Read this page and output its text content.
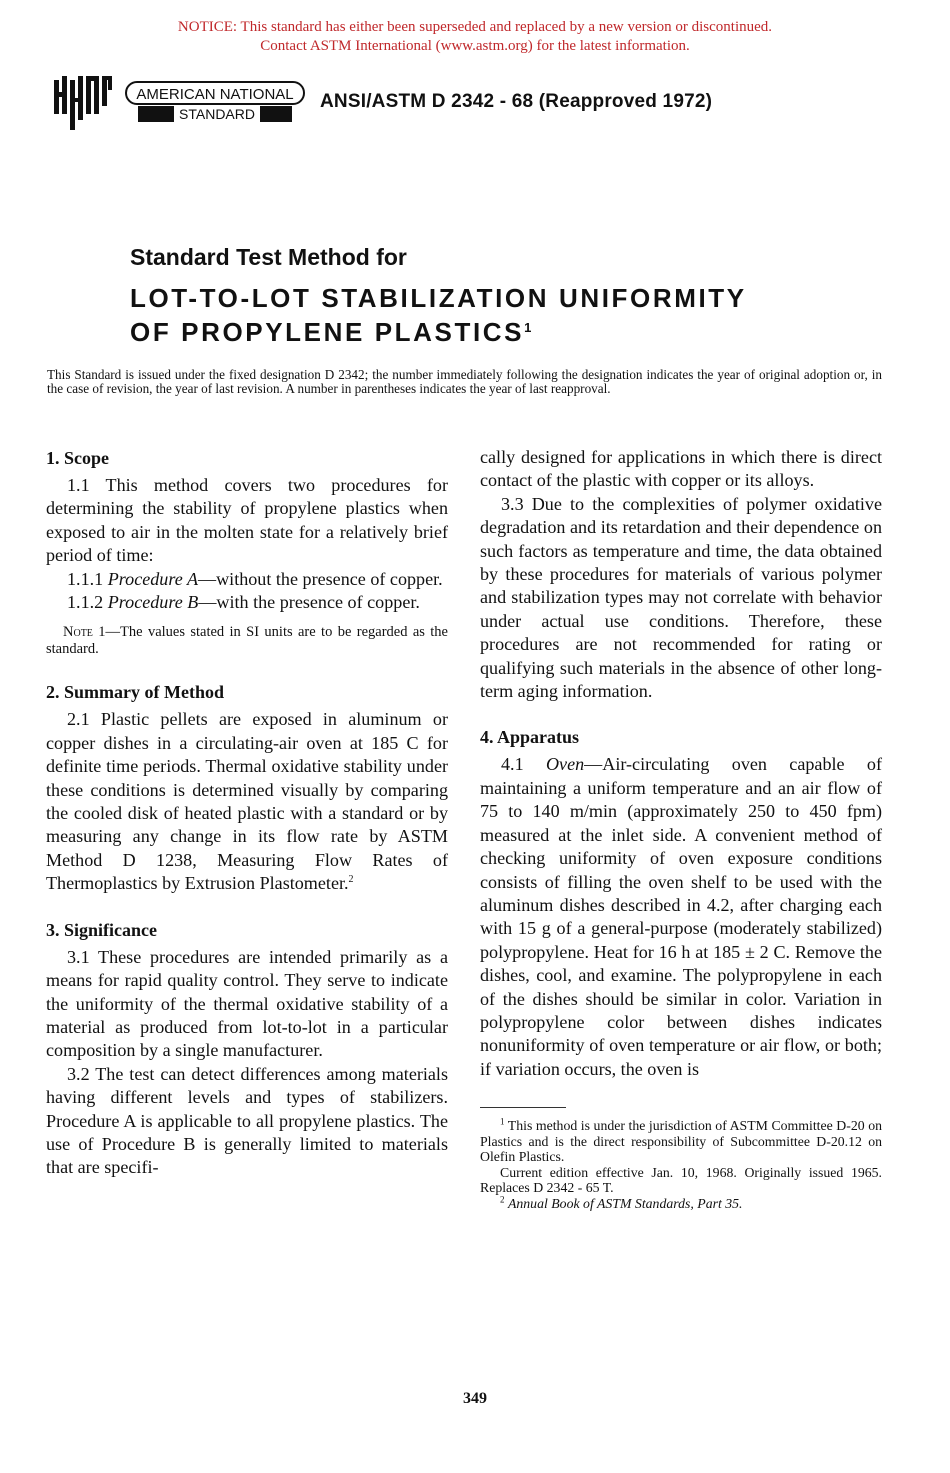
NOTICE: This standard has either been superseded and replaced by a new version or discontinued.
Contact ASTM International (www.astm.org) for the latest information.
ASTM
AMERICAN NATIONAL
STANDARD
ANSI/ASTM D 2342 - 68 (Reapproved 1972)
Standard Test Method for
LOT-TO-LOT STABILIZATION UNIFORMITY
OF PROPYLENE PLASTICS$^1$
This Standard is issued under the fixed designation D 2342; the number immediately following the designation indicates the year of original adoption or, in the case of revision, the year of last revision. A number in parentheses indicates the year of last reapproval.
1. Scope

1.1 This method covers two procedures for determining the stability of propylene plastics when exposed to air in the molten state for a relatively brief period of time:

1.1.1 Procedure A—without the presence of copper.

1.1.2 Procedure B—with the presence of copper.

Note 1—The values stated in SI units are to be regarded as the standard.

2. Summary of Method

2.1 Plastic pellets are exposed in aluminum or copper dishes in a circulating-air oven at 185 C for definite time periods. Thermal oxidative stability under these conditions is determined visually by comparing the cooled disk of heated plastic with a standard or by measuring any change in its flow rate by ASTM Method D 1238, Measuring Flow Rates of Thermoplastics by Extrusion Plastometer.$^2$

3. Significance

3.1 These procedures are intended primarily as a means for rapid quality control. They serve to indicate the uniformity of the thermal oxidative stability of a material as produced from lot-to-lot in a particular composition by a single manufacturer.

3.2 The test can detect differences among materials having different levels and types of stabilizers. Procedure A is applicable to all propylene plastics. The use of Procedure B is generally limited to materials that are specifi-

cally designed for applications in which there is direct contact of the plastic with copper or its alloys.

3.3 Due to the complexities of polymer oxidative degradation and its retardation and their dependence on such factors as temperature and time, the data obtained by these procedures for materials of various polymer and stabilization types may not correlate with behavior under actual use conditions. Therefore, these procedures are not recommended for rating or qualifying such materials in the absence of other long-term aging information.

4. Apparatus

4.1 Oven—Air-circulating oven capable of maintaining a uniform temperature and an air flow of 75 to 140 m/min (approximately 250 to 450 fpm) measured at the inlet side. A convenient method of checking uniformity of oven exposure conditions consists of filling the oven shelf to be used with the aluminum dishes described in 4.2, after charging each with 15 g of a general-purpose (moderately stabilized) polypropylene. Heat for 16 h at 185 ± 2 C. Remove the dishes, cool, and examine. The polypropylene in each of the dishes should be similar in color. Variation in polypropylene color between dishes indicates nonuniformity of oven temperature or air flow, or both; if variation occurs, the oven is

$^1$ This method is under the jurisdiction of ASTM Committee D-20 on Plastics and is the direct responsibility of Subcommittee D-20.12 on Olefin Plastics.

Current edition effective Jan. 10, 1968. Originally issued 1965. Replaces D 2342 - 65 T.

$^2$ Annual Book of ASTM Standards, Part 35.

349
